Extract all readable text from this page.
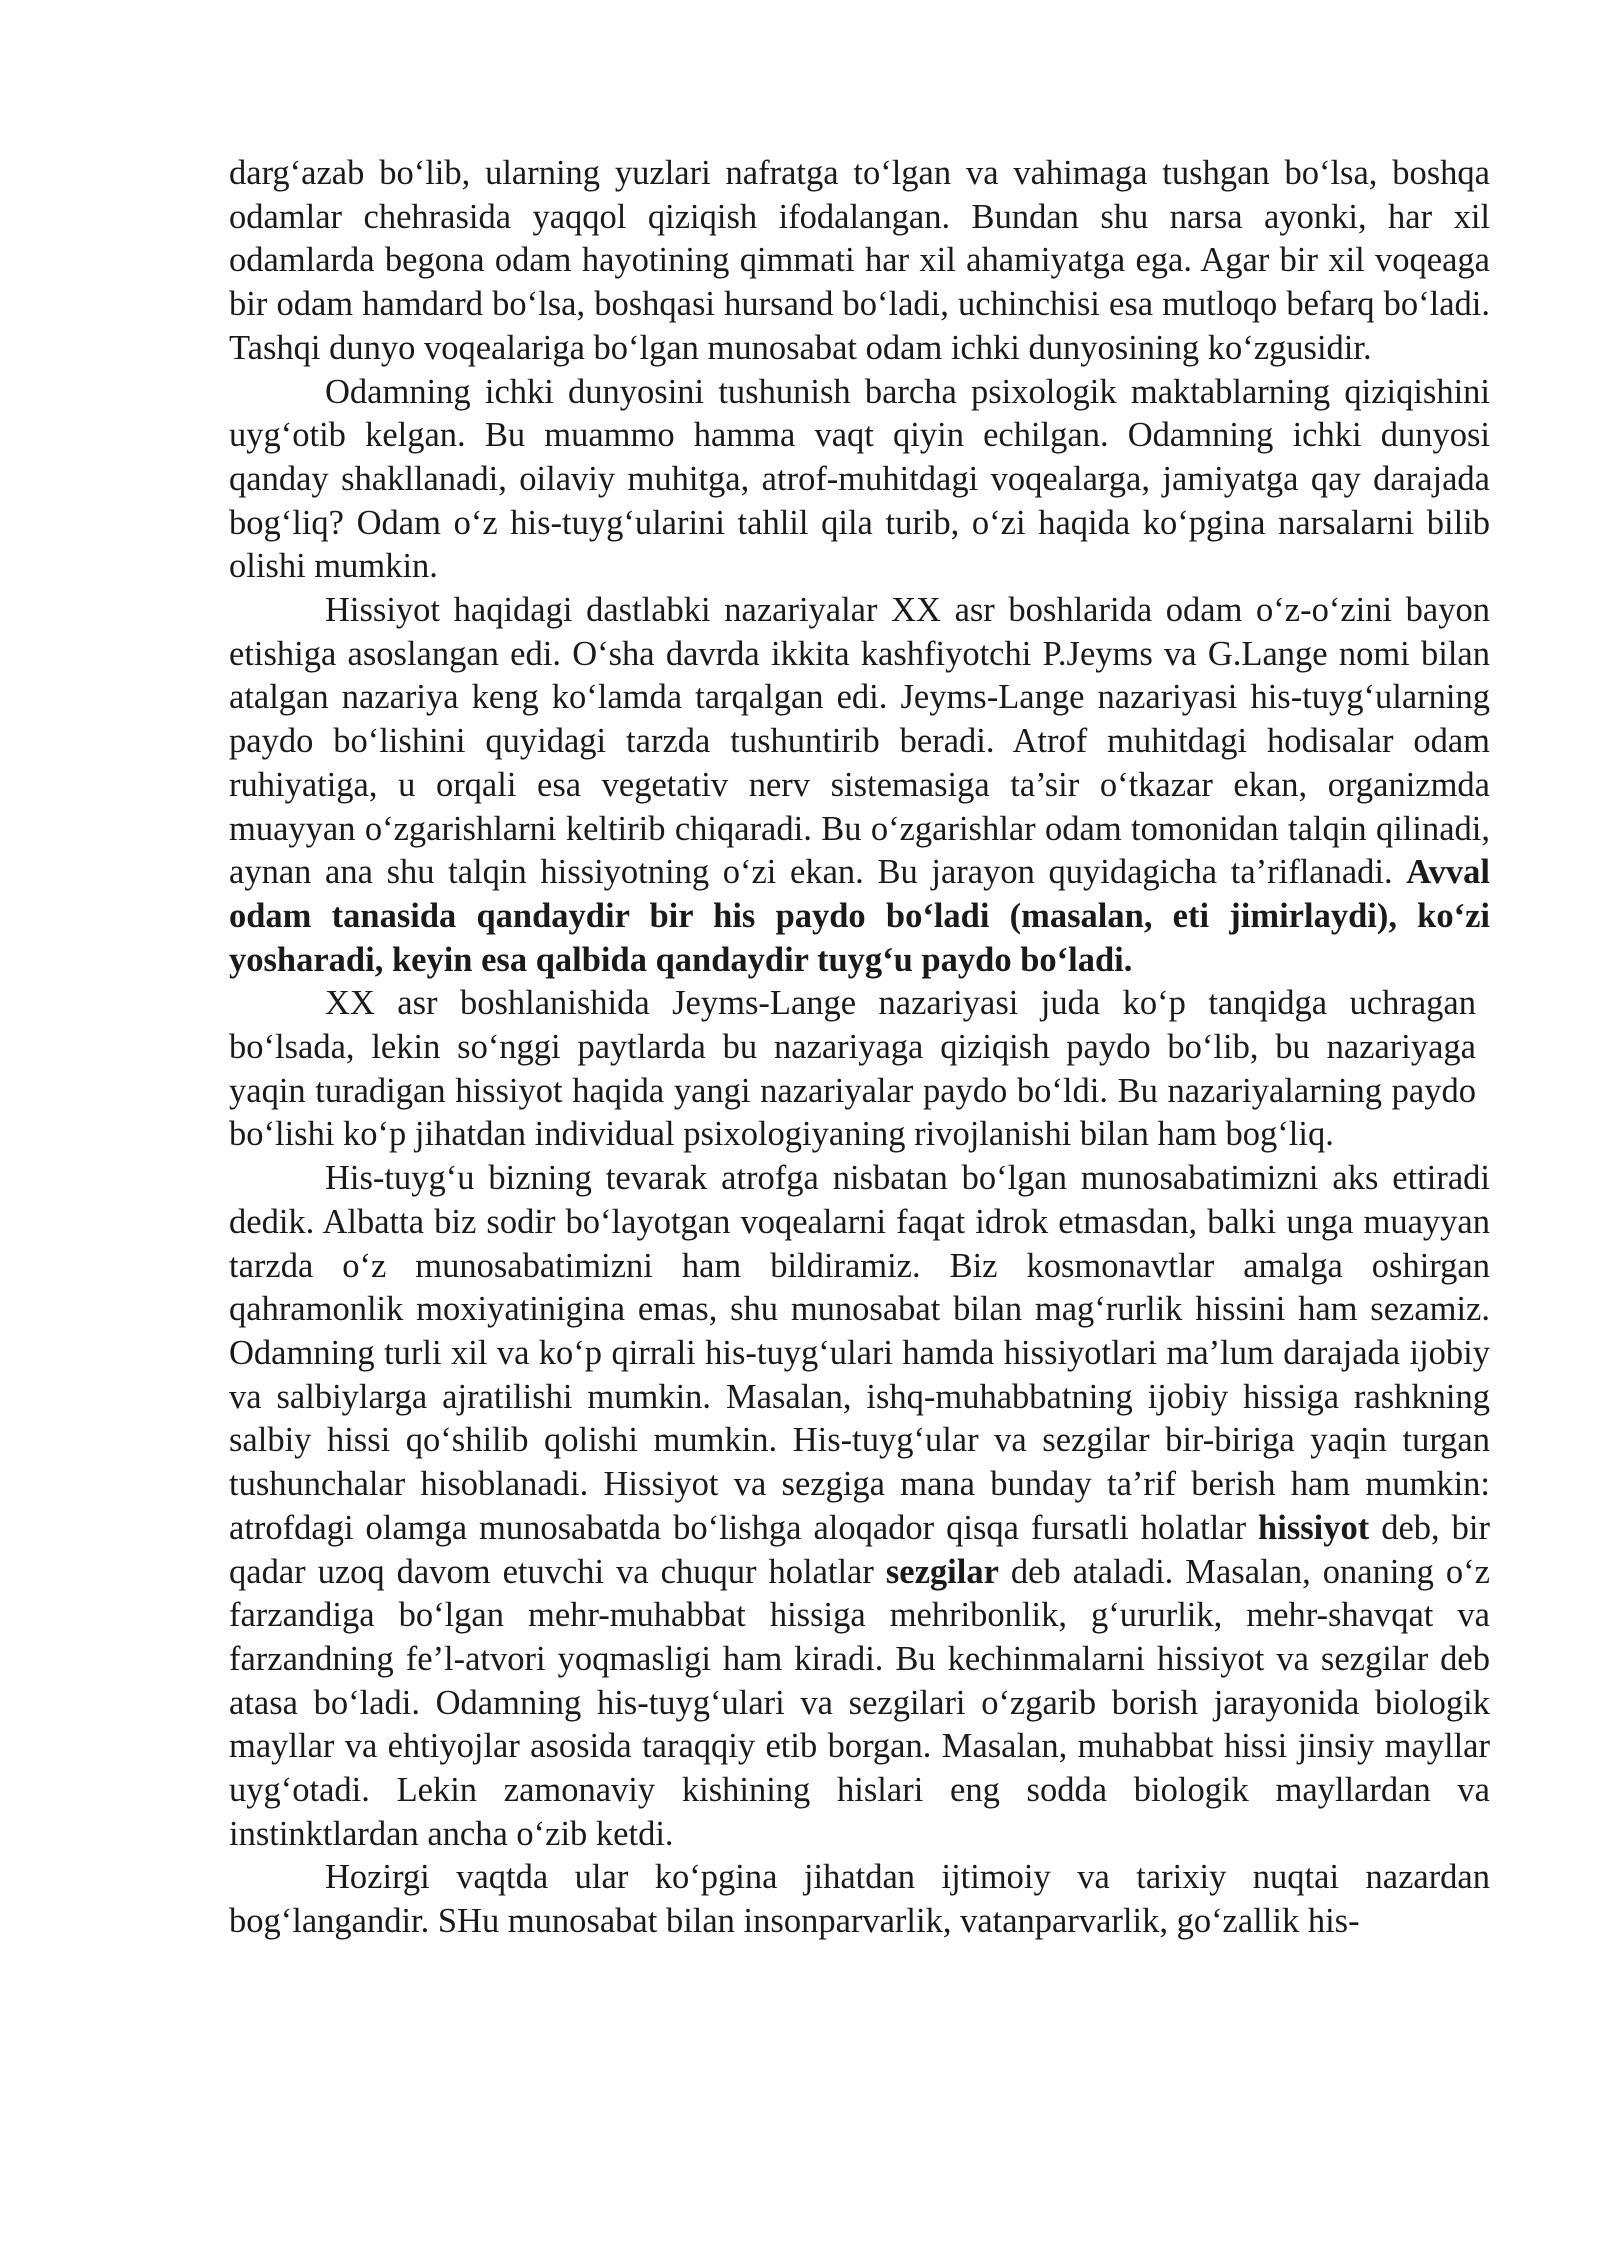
darg‘azab bo‘lib, ularning yuzlari nafratga to‘lgan va vahimaga tushgan bo‘lsa, boshqa odamlar chehrasida yaqqol qiziqish ifodalangan. Bundan shu narsa ayonki, har xil odamlarda begona odam hayotining qimmati har xil ahamiyatga ega. Agar bir xil voqeaga bir odam hamdard bo‘lsa, boshqasi hursand bo‘ladi, uchinchisi esa mutloqo befarq bo‘ladi. Tashqi dunyo voqealariga bo‘lgan munosabat odam ichki dunyosining ko‘zgusidir.

Odamning ichki dunyosini tushunish barcha psixologik maktablarning qiziqishini uyg‘otib kelgan. Bu muammo hamma vaqt qiyin echilgan. Odamning ichki dunyosi qanday shakllanadi, oilaviy muhitga, atrof-muhitdagi voqealarga, jamiyatga qay darajada bog‘liq? Odam o‘z his-tuyg‘ularini tahlil qila turib, o‘zi haqida ko‘pgina narsalarni bilib olishi mumkin.

Hissiyot haqidagi dastlabki nazariyalar XX asr boshlarida odam o‘z-o‘zini bayon etishiga asoslangan edi. O‘sha davrda ikkita kashfiyotchi P.Jeyms va G.Lange nomi bilan atalgan nazariya keng ko‘lamda tarqalgan edi. Jeyms-Lange nazariyasi his-tuyg‘ularning paydo bo‘lishini quyidagi tarzda tushuntirib beradi. Atrof muhitdagi hodisalar odam ruhiyatiga, u orqali esa vegetativ nerv sistemasiga ta’sir o‘tkazar ekan, organizmda muayyan o‘zgarishlarni keltirib chiqaradi. Bu o‘zgarishlar odam tomonidan talqin qilinadi, aynan ana shu talqin hissiyotning o‘zi ekan. Bu jarayon quyidagicha ta’riflanadi. Avval odam tanasida qandaydir bir his paydo bo‘ladi (masalan, eti jimirlaydi), ko‘zi yosharadi, keyin esa qalbida qandaydir tuyg‘u paydo bo‘ladi.

XX asr boshlanishida Jeyms-Lange nazariyasi juda ko‘p tanqidga uchragan bo‘lsada, lekin so‘nggi paytlarda bu nazariyaga qiziqish paydo bo‘lib, bu nazariyaga yaqin turadigan hissiyot haqida yangi nazariyalar paydo bo‘ldi. Bu nazariyalarning paydo bo‘lishi ko‘p jihatdan individual psixologiyaning rivojlanishi bilan ham bog‘liq.

His-tuyg‘u bizning tevarak atrofga nisbatan bo‘lgan munosabatimizni aks ettiradi dedik. Albatta biz sodir bo‘layotgan voqealarni faqat idrok etmasdan, balki unga muayyan tarzda o‘z munosabatimizni ham bildiramiz. Biz kosmonavtlar amalga oshirgan qahramonlik moxiyatinigina emas, shu munosabat bilan mag‘rurlik hissini ham sezamiz. Odamning turli xil va ko‘p qirrali his-tuyg‘ulari hamda hissiyotlari ma’lum darajada ijobiy va salbiylarga ajratilishi mumkin. Masalan, ishq-muhabbatning ijobiy hissiga rashkning salbiy hissi qo‘shilib qolishi mumkin. His-tuyg‘ular va sezgilar bir-biriga yaqin turgan tushunchalar hisoblanadi. Hissiyot va sezgiga mana bunday ta’rif berish ham mumkin: atrofdagi olamga munosabatda bo‘lishga aloqador qisqa fursatli holatlar hissiyot deb, bir qadar uzoq davom etuvchi va chuqur holatlar sezgilar deb ataladi. Masalan, onaning o‘z farzandiga bo‘lgan mehr-muhabbat hissiga mehribonlik, g‘ururlik, mehr-shavqat va farzandning fe’l-atvori yoqmasligi ham kiradi. Bu kechinmalarni hissiyot va sezgilar deb atasa bo‘ladi. Odamning his-tuyg‘ulari va sezgilari o‘zgarib borish jarayonida biologik mayllar va ehtiyojlar asosida taraqqiy etib borgan. Masalan, muhabbat hissi jinsiy mayllar uyg‘otadi. Lekin zamonaviy kishining hislari eng sodda biologik mayllardan va instinktlardan ancha o‘zib ketdi.

Hozirgi vaqtda ular ko‘pgina jihatdan ijtimoiy va tarixiy nuqtai nazardan bog‘langandir. SHu munosabat bilan insonparvarlik, vatanparvarlik, go‘zallik his-
